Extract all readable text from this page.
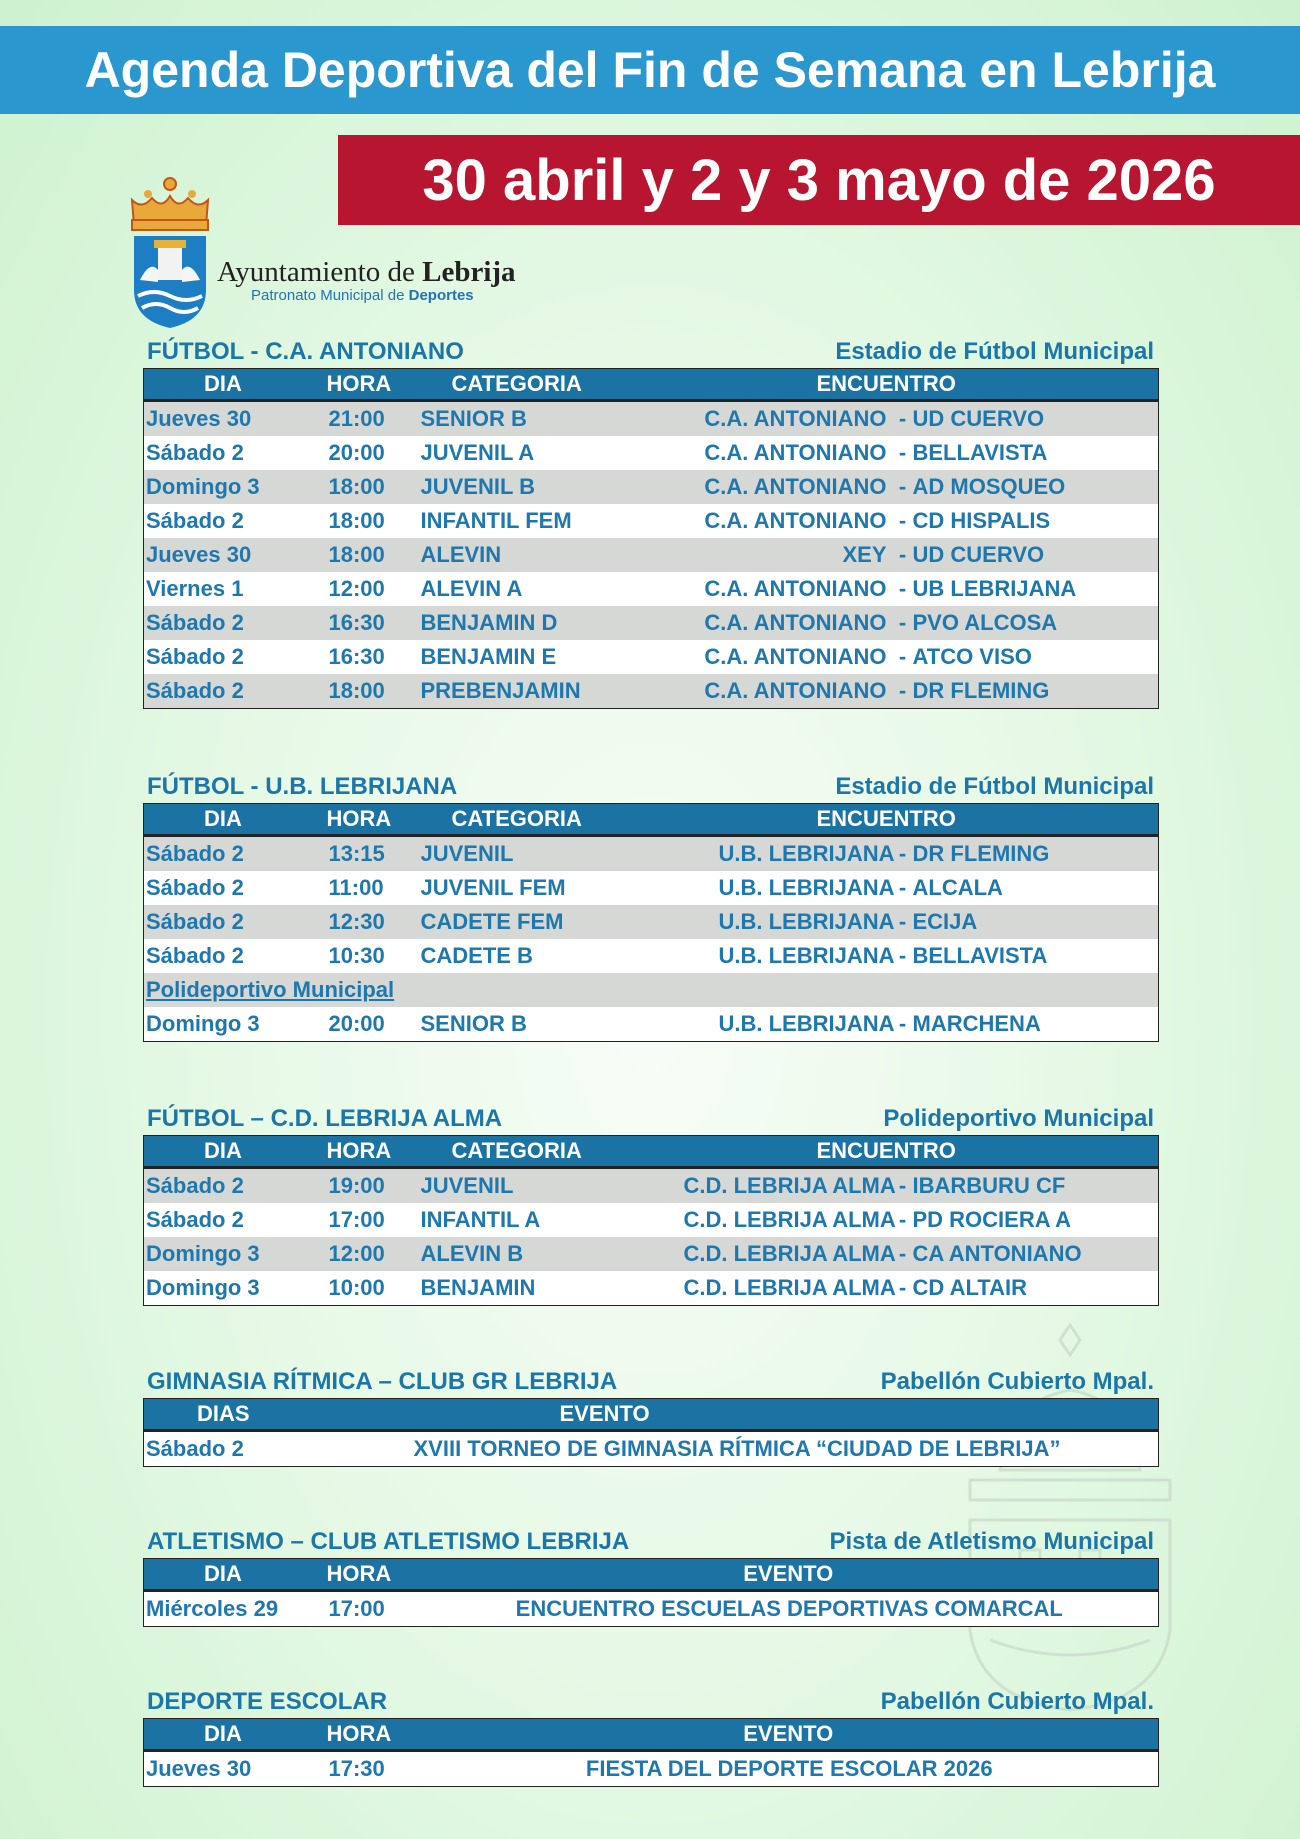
Agenda Deportiva del Fin de Semana en Lebrija
30 abril y 2 y 3 mayo de 2026
Ayuntamiento de Lebrija
Patronato Municipal de Deportes
FÚTBOL - C.A. ANTONIANO	Estadio de Fútbol Municipal
DIA	HORA	CATEGORIA	ENCUENTRO		
Jueves 30	21:00	SENIOR B	C.A. ANTONIANO	-	UD CUERVO
Sábado 2	20:00	JUVENIL A	C.A. ANTONIANO	-	BELLAVISTA
Domingo 3	18:00	JUVENIL B	C.A. ANTONIANO	-	AD MOSQUEO
Sábado 2	18:00	INFANTIL FEM	C.A. ANTONIANO	-	CD HISPALIS
Jueves 30	18:00	ALEVIN	XEY	-	UD CUERVO
Viernes 1	12:00	ALEVIN A	C.A. ANTONIANO	-	UB LEBRIJANA
Sábado 2	16:30	BENJAMIN D	C.A. ANTONIANO	-	PVO ALCOSA
Sábado 2	16:30	BENJAMIN E	C.A. ANTONIANO	-	ATCO VISO
Sábado 2	18:00	PREBENJAMIN	C.A. ANTONIANO	-	DR FLEMING
FÚTBOL - U.B. LEBRIJANA	Estadio de Fútbol Municipal
DIA	HORA	CATEGORIA	ENCUENTRO		
Sábado 2	13:15	JUVENIL	U.B. LEBRIJANA	-	DR FLEMING
Sábado 2	11:00	JUVENIL FEM	U.B. LEBRIJANA	-	ALCALA
Sábado 2	12:30	CADETE FEM	U.B. LEBRIJANA	-	ECIJA
Sábado 2	10:30	CADETE B	U.B. LEBRIJANA	-	BELLAVISTA
Polideportivo Municipal					
Domingo 3	20:00	SENIOR B	U.B. LEBRIJANA	-	MARCHENA
FÚTBOL – C.D. LEBRIJA ALMA	Polideportivo Municipal
DIA	HORA	CATEGORIA	ENCUENTRO		
Sábado 2	19:00	JUVENIL	C.D. LEBRIJA ALMA	-	IBARBURU CF
Sábado 2	17:00	INFANTIL A	C.D. LEBRIJA ALMA	-	PD ROCIERA A
Domingo 3	12:00	ALEVIN B	C.D. LEBRIJA ALMA	-	CA ANTONIANO
Domingo 3	10:00	BENJAMIN	C.D. LEBRIJA ALMA	-	CD ALTAIR
GIMNASIA RÍTMICA – CLUB GR LEBRIJA	Pabellón Cubierto Mpal.
DIAS	EVENTO
Sábado 2	XVIII TORNEO DE GIMNASIA RÍTMICA “CIUDAD DE LEBRIJA”
ATLETISMO – CLUB ATLETISMO LEBRIJA	Pista de Atletismo Municipal
DIA	HORA	EVENTO
Miércoles 29	17:00	ENCUENTRO ESCUELAS DEPORTIVAS COMARCAL
DEPORTE ESCOLAR	Pabellón Cubierto Mpal.
DIA	HORA	EVENTO
Jueves 30	17:30	FIESTA DEL DEPORTE ESCOLAR 2026
